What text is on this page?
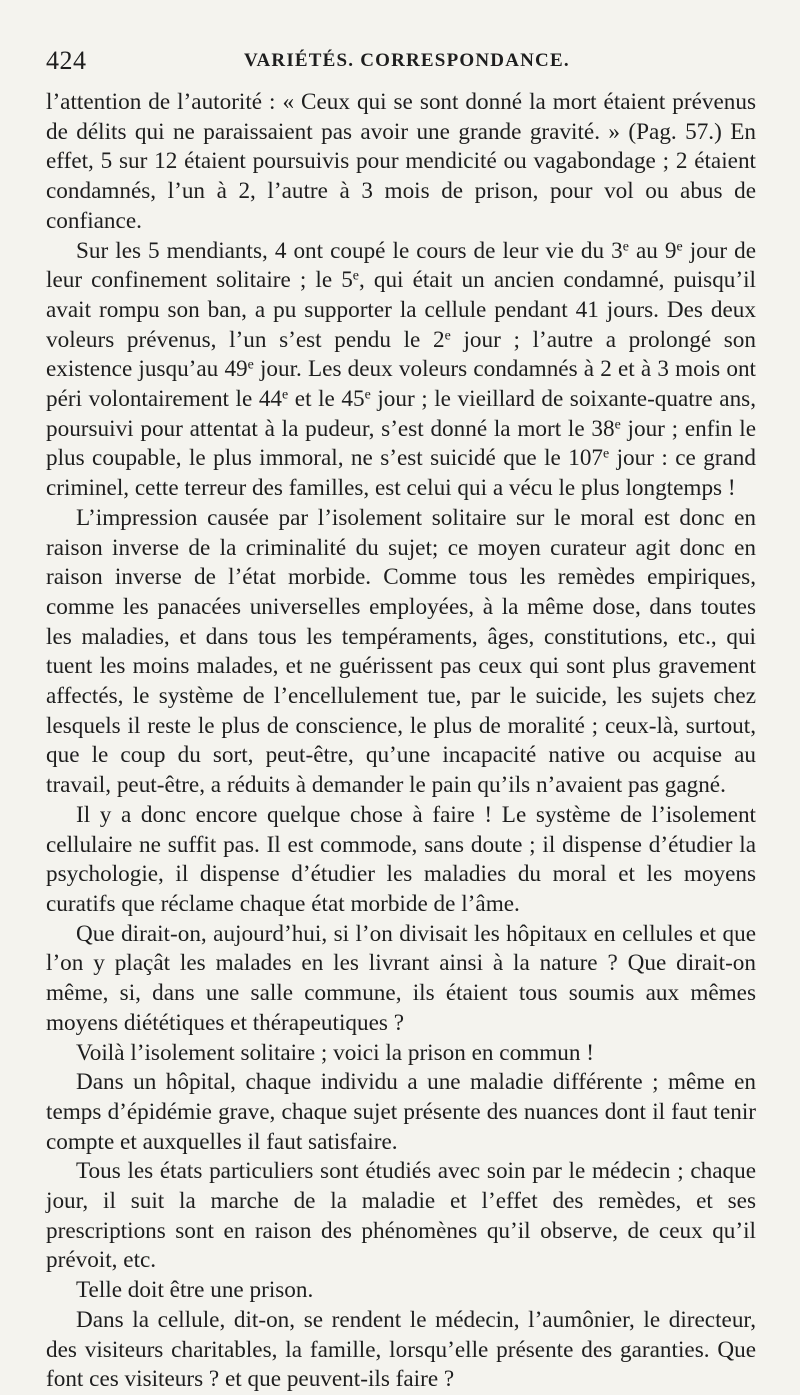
424	VARIÉTÉS. CORRESPONDANCE.

l’attention de l’autorité : « Ceux qui se sont donné la mort étaient prévenus de délits qui ne paraissaient pas avoir une grande gravité. » (Pag. 57.) En effet, 5 sur 12 étaient poursuivis pour mendicité ou vagabondage ; 2 étaient condamnés, l’un à 2, l’autre à 3 mois de prison, pour vol ou abus de confiance.

Sur les 5 mendiants, 4 ont coupé le cours de leur vie du 3e au 9e jour de leur confinement solitaire ; le 5e, qui était un ancien condamné, puisqu’il avait rompu son ban, a pu supporter la cellule pendant 41 jours. Des deux voleurs prévenus, l’un s’est pendu le 2e jour ; l’autre a prolongé son existence jusqu’au 49e jour. Les deux voleurs condamnés à 2 et à 3 mois ont péri volontairement le 44e et le 45e jour ; le vieillard de soixante-quatre ans, poursuivi pour attentat à la pudeur, s’est donné la mort le 38e jour ; enfin le plus coupable, le plus immoral, ne s’est suicidé que le 107e jour : ce grand criminel, cette terreur des familles, est celui qui a vécu le plus longtemps !

L’impression causée par l’isolement solitaire sur le moral est donc en raison inverse de la criminalité du sujet; ce moyen curateur agit donc en raison inverse de l’état morbide. Comme tous les remèdes empiriques, comme les panacées universelles employées, à la même dose, dans toutes les maladies, et dans tous les tempéraments, âges, constitutions, etc., qui tuent les moins malades, et ne guérissent pas ceux qui sont plus gravement affectés, le système de l’encellulement tue, par le suicide, les sujets chez lesquels il reste le plus de conscience, le plus de moralité ; ceux-là, surtout, que le coup du sort, peut-être, qu’une incapacité native ou acquise au travail, peut-être, a réduits à demander le pain qu’ils n’avaient pas gagné.

Il y a donc encore quelque chose à faire ! Le système de l’isolement cellulaire ne suffit pas. Il est commode, sans doute ; il dispense d’étudier la psychologie, il dispense d’étudier les maladies du moral et les moyens curatifs que réclame chaque état morbide de l’âme.

Que dirait-on, aujourd’hui, si l’on divisait les hôpitaux en cellules et que l’on y plaçât les malades en les livrant ainsi à la nature ? Que dirait-on même, si, dans une salle commune, ils étaient tous soumis aux mêmes moyens diététiques et thérapeutiques ?

Voilà l’isolement solitaire ; voici la prison en commun !

Dans un hôpital, chaque individu a une maladie différente ; même en temps d’épidémie grave, chaque sujet présente des nuances dont il faut tenir compte et auxquelles il faut satisfaire.

Tous les états particuliers sont étudiés avec soin par le médecin ; chaque jour, il suit la marche de la maladie et l’effet des remèdes, et ses prescriptions sont en raison des phénomènes qu’il observe, de ceux qu’il prévoit, etc.

Telle doit être une prison.

Dans la cellule, dit-on, se rendent le médecin, l’aumônier, le directeur, des visiteurs charitables, la famille, lorsqu’elle présente des garanties. Que font ces visiteurs ? et que peuvent-ils faire ?
